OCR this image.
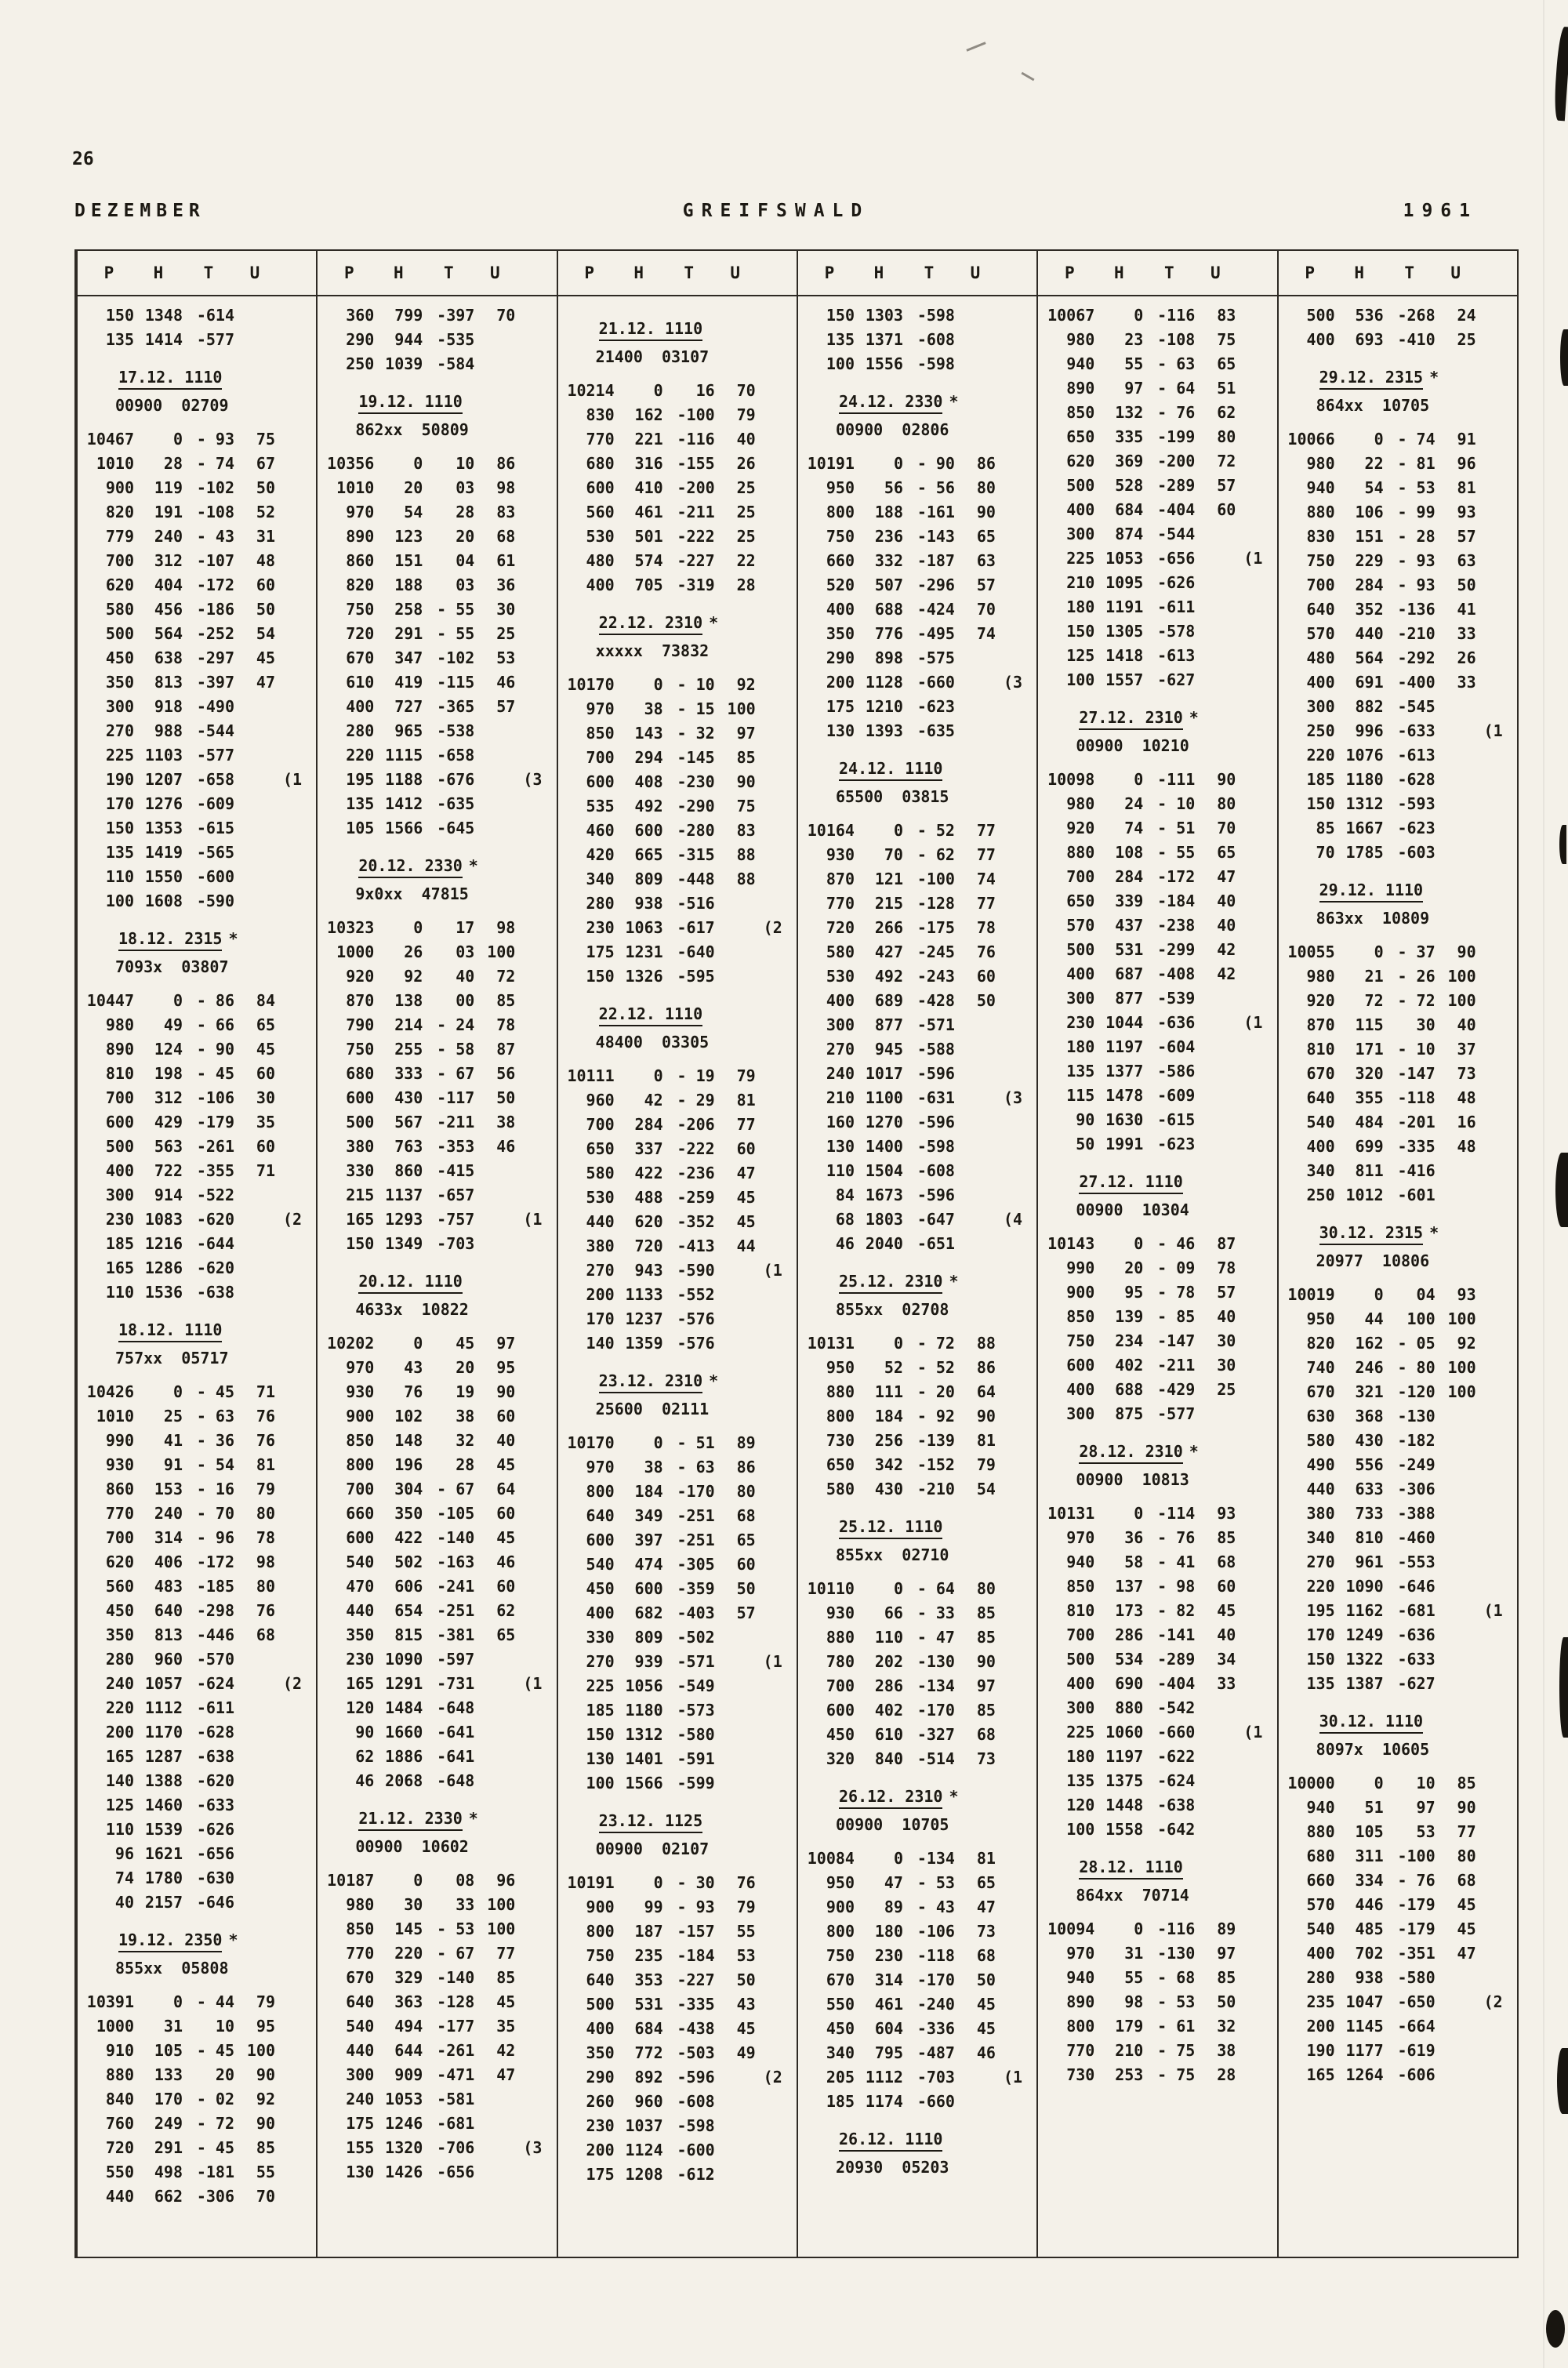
26
DEZEMBER	GREIFSWALD	1961
P	H	T	U
150 1348 -614
135 1414 -577
17.12. 1110
00900  02709
10467 0 - 93 75
1010 28 - 74 67
900 119 -102 50
820 191 -108 52
779 240 - 43 31
700 312 -107 48
620 404 -172 60
580 456 -186 50
500 564 -252 54
450 638 -297 45
350 813 -397 47
300 918 -490
270 988 -544
225 1103 -577
190 1207 -658	(1
170 1276 -609
150 1353 -615
135 1419 -565
110 1550 -600
100 1608 -590
18.12. 2315 *
7093x  03807
10447 0 - 86 84
980 49 - 66 65
890 124 - 90 45
810 198 - 45 60
700 312 -106 30
600 429 -179 35
500 563 -261 60
400 722 -355 71
300 914 -522
230 1083 -620	(2
185 1216 -644
165 1286 -620
110 1536 -638
18.12. 1110
757xx  05717
10426 0 - 45 71
1010 25 - 63 76
990 41 - 36 76
930 91 - 54 81
860 153 - 16 79
770 240 - 70 80
700 314 - 96 78
620 406 -172 98
560 483 -185 80
450 640 -298 76
350 813 -446 68
280 960 -570
240 1057 -624	(2
220 1112 -611
200 1170 -628
165 1287 -638
140 1388 -620
125 1460 -633
110 1539 -626
96 1621 -656
74 1780 -630
40 2157 -646
19.12. 2350 *
855xx  05808
10391 0 - 44 79
1000 31 10 95
910 105 - 45 100
880 133 20 90
840 170 - 02 92
760 249 - 72 90
720 291 - 45 85
550 498 -181 55
440 662 -306 70
P	H	T	U
360 799 -397 70
290 944 -535
250 1039 -584
19.12. 1110
862xx  50809
10356 0 10 86
1010 20 03 98
970 54 28 83
890 123 20 68
860 151 04 61
820 188 03 36
750 258 - 55 30
720 291 - 55 25
670 347 -102 53
610 419 -115 46
400 727 -365 57
280 965 -538
220 1115 -658
195 1188 -676	(3
135 1412 -635
105 1566 -645
20.12. 2330 *
9x0xx  47815
10323 0 17 98
1000 26 03 100
920 92 40 72
870 138 00 85
790 214 - 24 78
750 255 - 58 87
680 333 - 67 56
600 430 -117 50
500 567 -211 38
380 763 -353 46
330 860 -415
215 1137 -657
165 1293 -757	(1
150 1349 -703
20.12. 1110
4633x  10822
10202 0 45 97
970 43 20 95
930 76 19 90
900 102 38 60
850 148 32 40
800 196 28 45
700 304 - 67 64
660 350 -105 60
600 422 -140 45
540 502 -163 46
470 606 -241 60
440 654 -251 62
350 815 -381 65
230 1090 -597
165 1291 -731	(1
120 1484 -648
90 1660 -641
62 1886 -641
46 2068 -648
21.12. 2330 *
00900  10602
10187 0 08 96
980 30 33 100
850 145 - 53 100
770 220 - 67 77
670 329 -140 85
640 363 -128 45
540 494 -177 35
440 644 -261 42
300 909 -471 47
240 1053 -581
175 1246 -681
155 1320 -706	(3
130 1426 -656
P	H	T	U
21.12. 1110
21400  03107
10214 0 16 70
830 162 -100 79
770 221 -116 40
680 316 -155 26
600 410 -200 25
560 461 -211 25
530 501 -222 25
480 574 -227 22
400 705 -319 28
22.12. 2310 *
xxxxx  73832
10170 0 - 10 92
970 38 - 15 100
850 143 - 32 97
700 294 -145 85
600 408 -230 90
535 492 -290 75
460 600 -280 83
420 665 -315 88
340 809 -448 88
280 938 -516
230 1063 -617	(2
175 1231 -640
150 1326 -595
22.12. 1110
48400  03305
10111 0 - 19 79
960 42 - 29 81
700 284 -206 77
650 337 -222 60
580 422 -236 47
530 488 -259 45
440 620 -352 45
380 720 -413 44
270 943 -590	(1
200 1133 -552
170 1237 -576
140 1359 -576
23.12. 2310 *
25600  02111
10170 0 - 51 89
970 38 - 63 86
800 184 -170 80
640 349 -251 68
600 397 -251 65
540 474 -305 60
450 600 -359 50
400 682 -403 57
330 809 -502
270 939 -571	(1
225 1056 -549
185 1180 -573
150 1312 -580
130 1401 -591
100 1566 -599
23.12. 1125
00900  02107
10191 0 - 30 76
900 99 - 93 79
800 187 -157 55
750 235 -184 53
640 353 -227 50
500 531 -335 43
400 684 -438 45
350 772 -503 49
290 892 -596	(2
260 960 -608
230 1037 -598
200 1124 -600
175 1208 -612
P	H	T	U
150 1303 -598
135 1371 -608
100 1556 -598
24.12. 2330 *
00900  02806
10191 0 - 90 86
950 56 - 56 80
800 188 -161 90
750 236 -143 65
660 332 -187 63
520 507 -296 57
400 688 -424 70
350 776 -495 74
290 898 -575
200 1128 -660	(3
175 1210 -623
130 1393 -635
24.12. 1110
65500  03815
10164 0 - 52 77
930 70 - 62 77
870 121 -100 74
770 215 -128 77
720 266 -175 78
580 427 -245 76
530 492 -243 60
400 689 -428 50
300 877 -571
270 945 -588
240 1017 -596
210 1100 -631	(3
160 1270 -596
130 1400 -598
110 1504 -608
84 1673 -596
68 1803 -647	(4
46 2040 -651
25.12. 2310 *
855xx  02708
10131 0 - 72 88
950 52 - 52 86
880 111 - 20 64
800 184 - 92 90
730 256 -139 81
650 342 -152 79
580 430 -210 54
25.12. 1110
855xx  02710
10110 0 - 64 80
930 66 - 33 85
880 110 - 47 85
780 202 -130 90
700 286 -134 97
600 402 -170 85
450 610 -327 68
320 840 -514 73
26.12. 2310 *
00900  10705
10084 0 -134 81
950 47 - 53 65
900 89 - 43 47
800 180 -106 73
750 230 -118 68
670 314 -170 50
550 461 -240 45
450 604 -336 45
340 795 -487 46
205 1112 -703	(1
185 1174 -660
26.12. 1110
20930  05203
P	H	T	U
10067 0 -116 83
980 23 -108 75
940 55 - 63 65
890 97 - 64 51
850 132 - 76 62
650 335 -199 80
620 369 -200 72
500 528 -289 57
400 684 -404 60
300 874 -544
225 1053 -656	(1
210 1095 -626
180 1191 -611
150 1305 -578
125 1418 -613
100 1557 -627
27.12. 2310 *
00900  10210
10098 0 -111 90
980 24 - 10 80
920 74 - 51 70
880 108 - 55 65
700 284 -172 47
650 339 -184 40
570 437 -238 40
500 531 -299 42
400 687 -408 42
300 877 -539
230 1044 -636	(1
180 1197 -604
135 1377 -586
115 1478 -609
90 1630 -615
50 1991 -623
27.12. 1110
00900  10304
10143 0 - 46 87
990 20 - 09 78
900 95 - 78 57
850 139 - 85 40
750 234 -147 30
600 402 -211 30
400 688 -429 25
300 875 -577
28.12. 2310 *
00900  10813
10131 0 -114 93
970 36 - 76 85
940 58 - 41 68
850 137 - 98 60
810 173 - 82 45
700 286 -141 40
500 534 -289 34
400 690 -404 33
300 880 -542
225 1060 -660	(1
180 1197 -622
135 1375 -624
120 1448 -638
100 1558 -642
28.12. 1110
864xx  70714
10094 0 -116 89
970 31 -130 97
940 55 - 68 85
890 98 - 53 50
800 179 - 61 32
770 210 - 75 38
730 253 - 75 28
P	H	T	U
500 536 -268 24
400 693 -410 25
29.12. 2315 *
864xx  10705
10066 0 - 74 91
980 22 - 81 96
940 54 - 53 81
880 106 - 99 93
830 151 - 28 57
750 229 - 93 63
700 284 - 93 50
640 352 -136 41
570 440 -210 33
480 564 -292 26
400 691 -400 33
300 882 -545
250 996 -633	(1
220 1076 -613
185 1180 -628
150 1312 -593
85 1667 -623
70 1785 -603
29.12. 1110
863xx  10809
10055 0 - 37 90
980 21 - 26 100
920 72 - 72 100
870 115 30 40
810 171 - 10 37
670 320 -147 73
640 355 -118 48
540 484 -201 16
400 699 -335 48
340 811 -416
250 1012 -601
30.12. 2315 *
20977  10806
10019 0 04 93
950 44 100 100
820 162 - 05 92
740 246 - 80 100
670 321 -120 100
630 368 -130
580 430 -182
490 556 -249
440 633 -306
380 733 -388
340 810 -460
270 961 -553
220 1090 -646
195 1162 -681	(1
170 1249 -636
150 1322 -633
135 1387 -627
30.12. 1110
8097x  10605
10000 0 10 85
940 51 97 90
880 105 53 77
680 311 -100 80
660 334 - 76 68
570 446 -179 45
540 485 -179 45
400 702 -351 47
280 938 -580
235 1047 -650	(2
200 1145 -664
190 1177 -619
165 1264 -606
